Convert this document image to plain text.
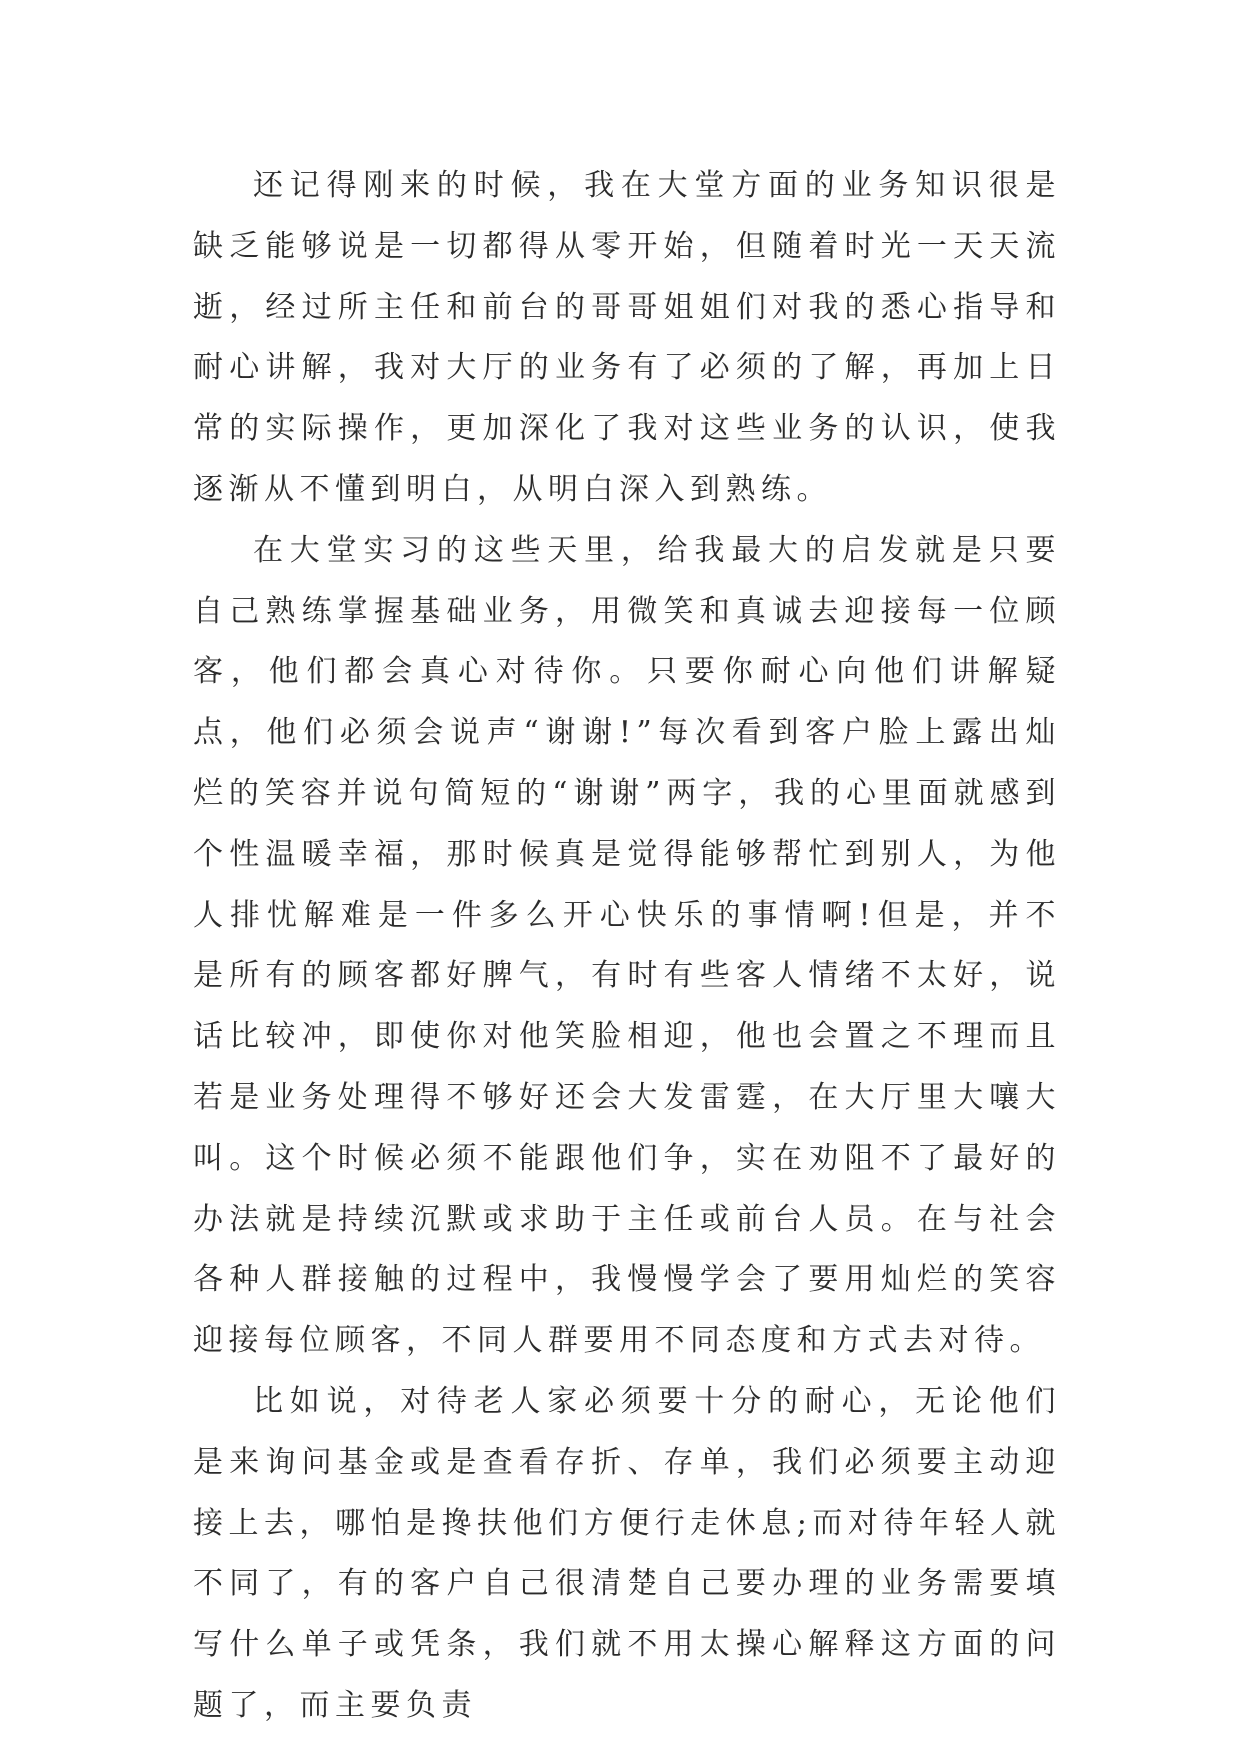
还记得刚来的时候，我在大堂方面的业务知识很是缺乏能够说是一切都得从零开始，但随着时光一天天流逝，经过所主任和前台的哥哥姐姐们对我的悉心指导和耐心讲解，我对大厅的业务有了必须的了解，再加上日常的实际操作，更加深化了我对这些业务的认识，使我逐渐从不懂到明白，从明白深入到熟练。

在大堂实习的这些天里，给我最大的启发就是只要自己熟练掌握基础业务，用微笑和真诚去迎接每一位顾客，他们都会真心对待你。只要你耐心向他们讲解疑点，他们必须会说声“谢谢!”每次看到客户脸上露出灿烂的笑容并说句简短的“谢谢”两字，我的心里面就感到个性温暖幸福，那时候真是觉得能够帮忙到别人，为他人排忧解难是一件多么开心快乐的事情啊!但是，并不是所有的顾客都好脾气，有时有些客人情绪不太好，说话比较冲，即使你对他笑脸相迎，他也会置之不理而且若是业务处理得不够好还会大发雷霆，在大厅里大嚷大叫。这个时候必须不能跟他们争，实在劝阻不了最好的办法就是持续沉默或求助于主任或前台人员。在与社会各种人群接触的过程中，我慢慢学会了要用灿烂的笑容迎接每位顾客，不同人群要用不同态度和方式去对待。

比如说，对待老人家必须要十分的耐心，无论他们是来询问基金或是查看存折、存单，我们必须要主动迎接上去，哪怕是搀扶他们方便行走休息;而对待年轻人就不同了，有的客户自己很清楚自己要办理的业务需要填写什么单子或凭条，我们就不用太操心解释这方面的问题了，而主要负责
